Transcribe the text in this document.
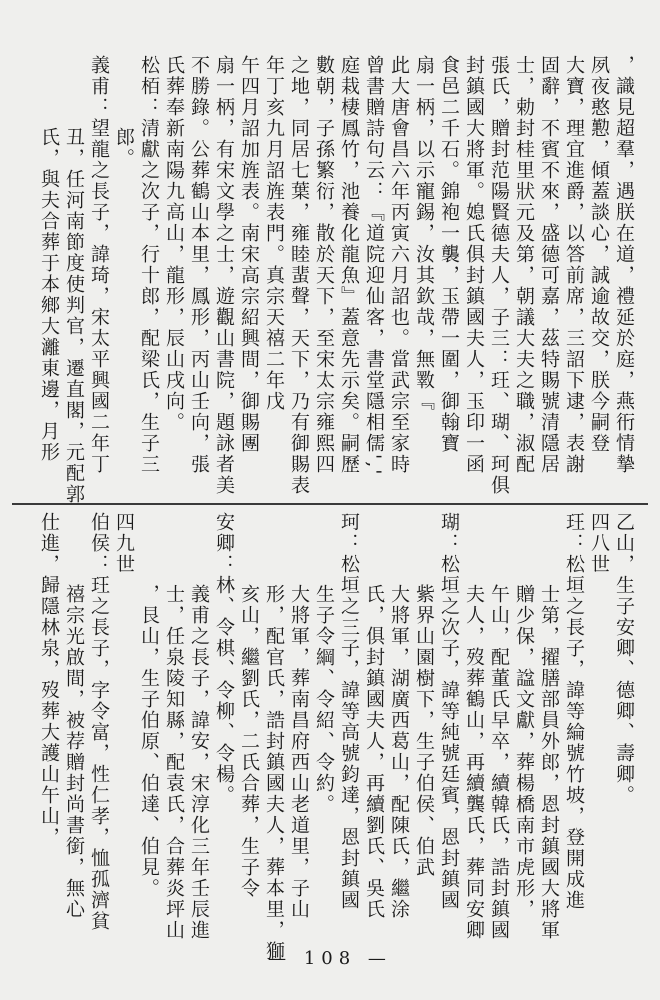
，識見超羣，遇朕在道，禮延於庭，燕衎情摯
夙夜憨懃，傾蓋談心，誠逾故交，朕今嗣登
大寶，理宜進爵，以答前席，三詔下逮，表謝
固辭，不賓不來，盛德可嘉，茲特賜號清隱居
士，勅封桂里狀元及第，朝議大夫之職，淑配
張氏，贈封范陽賢德夫人，子三：玨、瑚、珂俱
封鎮國大將軍。媳氏俱封鎮國夫人，玉印一函
食邑二千石。錦袍一襲，玉帶一圍，御翰寶
扇一柄，以示寵錫，汝其欽哉，無斁『
此大唐會昌六年丙寅六月詔也。當武宗至家時
曾書贈詩句云：『道院迎仙客，書堂隱相儒','
庭栽棲鳳竹，池養化龍魚』蓋意先示矣。嗣歷
數朝，子孫繁衍，散於天下，至宋太宗雍熙四
之地，同居七葉，雍睦蜚聲，天下，乃有御賜表
年丁亥九月詔旌表門。真宗天禧二年戊
午四月詔加旌表。南宋高宗紹興間，御賜團
扇一柄，有宋文學之士，遊觀山書院，題詠者美
不勝錄。公葬鶴山本里，鳳形，丙山壬向，張
氏葬奉新南陽九高山，龍形，辰山戌向。
松栢：清獻之次子，行十郎，配梁氏，生子三
郎。
義甫：望龍之長子，諱琦，宋太平興國二年丁
丑，任河南節度使判官，遷直閣，元配郭
氏，與夫合葬于本鄉大灕東邊，月形
乙山，生子安卿、德卿、壽卿。
四八世
玨：松垣之長子，諱等綸號竹坡，登開成進
士第，擢膳部員外郎，恩封鎮國大將軍
贈少保，諡文獻，葬楊橋南市虎形，
午山，配董氏早卒，續韓氏，誥封鎮國
夫人，歿葬鶴山，再續龔氏，葬同安卿
瑚：松垣之次子，諱等純號廷賓，恩封鎮國
紫界山園樹下，生子伯侯、伯武
大將軍，湖廣西葛山，配陳氏，繼涂
氏，俱封鎮國夫人，再續劉氏、吳氏
珂：松垣之三子，諱等高號鈞達，恩封鎮國
生子令綱、令紹、令約。
大將軍，葬南昌府西山老道里，子山
形，配官氏，誥封鎮國夫人，葬本里，獅
亥山，繼劉氏，二氏合葬，生子令
安卿：林、令棋、令柳、令楊。
義甫之長子，諱安，宋淳化三年壬辰進
士，任泉陵知縣，配袁氏，合葬炎坪山
，艮山，生子伯原、伯達、伯見。
四九世
伯侯：玨之長子，字令富，性仁孝，恤孤濟貧
禧宗光啟間，被荐贈封尚書銜，無心
仕進，歸隱林泉，歿葬大護山午山，
— 108 —
